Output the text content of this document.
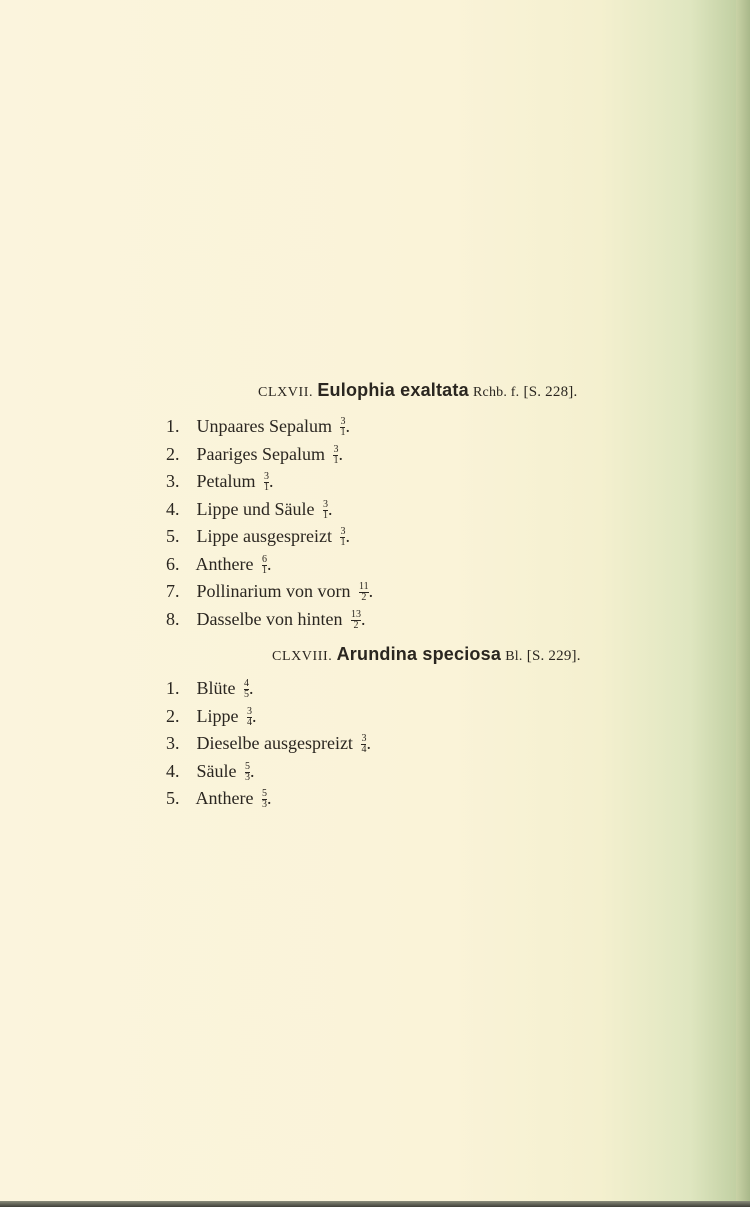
CLXVII. Eulophia exaltata Rchb. f. [S. 228].
1. Unpaares Sepalum $\frac{3}{1}$ .
2. Paariges Sepalum $\frac{3}{1}$ .
3. Petalum $\frac{3}{1}$ .
4. Lippe und Säule $\frac{3}{1}$ .
5. Lippe ausgespreizt $\frac{3}{1}$ .
6. Anthere $\frac{6}{1}$ .
7. Pollinarium von vorn $\frac{11}{2}$ .
8. Dasselbe von hinten $\frac{13}{2}$ .
CLXVIII. Arundina speciosa Bl. [S. 229].
1. Blüte $\frac{4}{5}$ .
2. Lippe $\frac{3}{4}$ .
3. Dieselbe ausgespreizt $\frac{3}{4}$ .
4. Säule $\frac{5}{3}$ .
5. Anthere $\frac{5}{3}$ .
